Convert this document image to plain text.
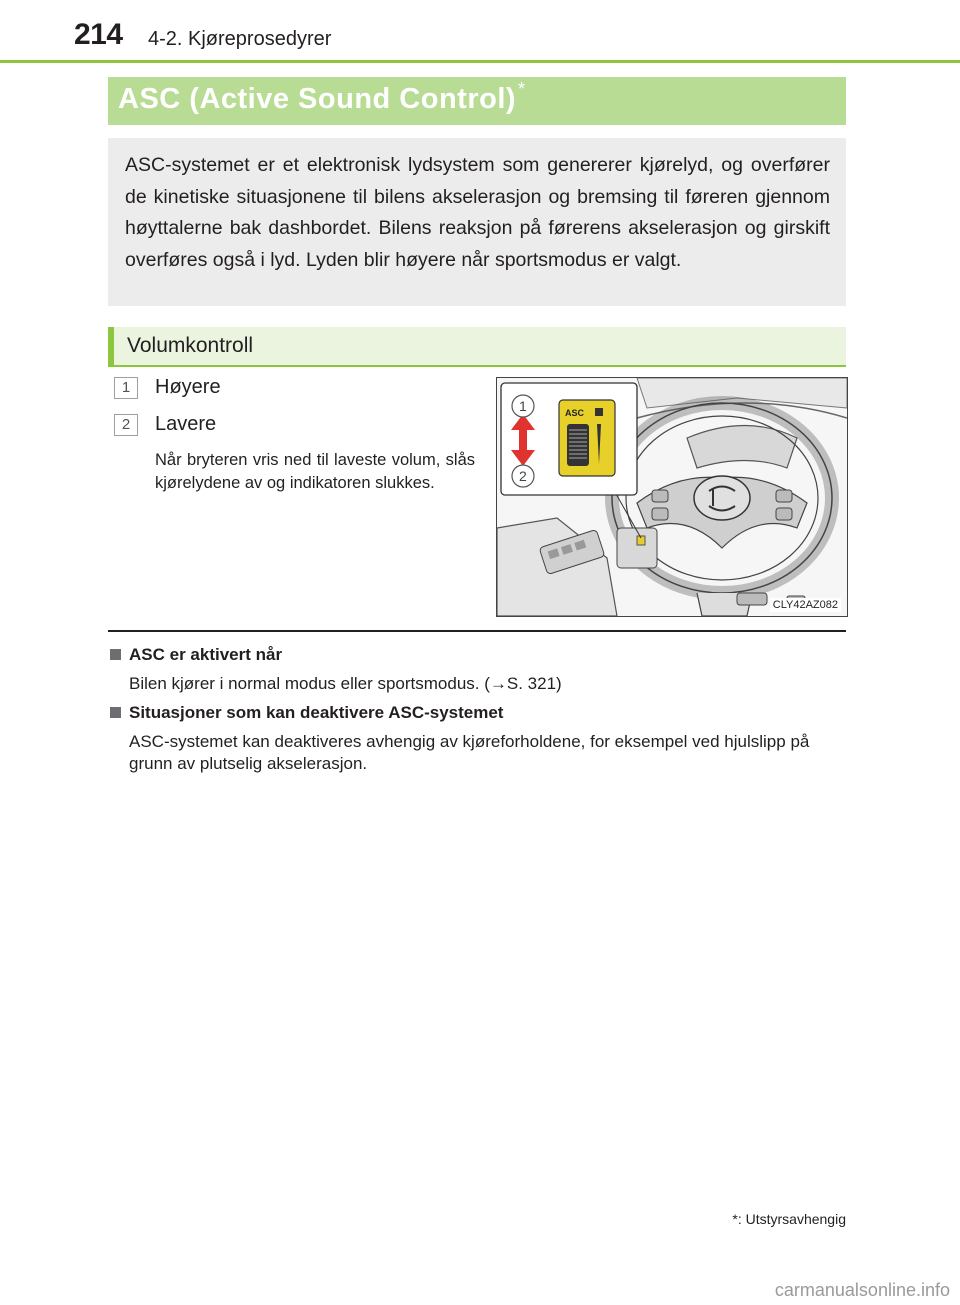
214 4-2. Kjøreprosedyrer
ASC (Active Sound Control) *
ASC-systemet er et elektronisk lydsystem som genererer kjørelyd, og overfører de kinetiske situasjonene til bilens akselerasjon og bremsing til føreren gjennom høyttalerne bak dashbordet. Bilens reaksjon på førerens akselerasjon og girskift overføres også i lyd. Lyden blir høyere når sportsmodus er valgt.
Volumkontroll
1	Høyere
2	Lavere
Når bryteren vris ned til laveste volum, slås kjørelydene av og indikatoren slukkes.
ASC
1
2
CLY42AZ082
ASC er aktivert når
Bilen kjører i normal modus eller sportsmodus. (→S. 321)
Situasjoner som kan deaktivere ASC-systemet
ASC-systemet kan deaktiveres avhengig av kjøreforholdene, for eksempel ved hjulslipp på grunn av plutselig akselerasjon.
*: Utstyrsavhengig
carmanualsonline.info
